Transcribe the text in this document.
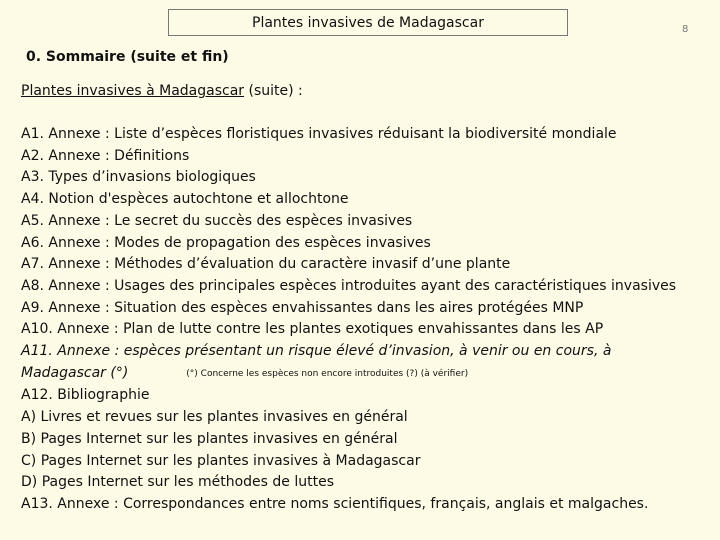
Plantes invasives de Madagascar	8
0. Sommaire (suite et fin)
Plantes invasives à Madagascar (suite) :
A1. Annexe : Liste d’espèces floristiques invasives réduisant la biodiversité mondiale
A2. Annexe : Définitions
A3. Types d’invasions biologiques
A4. Notion d'espèces autochtone et allochtone
A5. Annexe : Le secret du succès des espèces invasives
A6. Annexe : Modes de propagation des espèces invasives
A7. Annexe : Méthodes d’évaluation du caractère invasif d’une plante
A8. Annexe : Usages des principales espèces introduites ayant des caractéristiques invasives
A9. Annexe : Situation des espèces envahissantes dans les aires protégées MNP
A10. Annexe : Plan de lutte contre les plantes exotiques envahissantes dans les AP
A11. Annexe : espèces présentant un risque élevé d’invasion, à venir ou en cours, à
Madagascar (°)	(°) Concerne les espèces non encore introduites (?) (à vérifier)
A12. Bibliographie
A) Livres et revues sur les plantes invasives en général
B) Pages Internet sur les plantes invasives en général
C) Pages Internet sur les plantes invasives à Madagascar
D) Pages Internet sur les méthodes de luttes
A13. Annexe : Correspondances entre noms scientifiques, français, anglais et malgaches.
